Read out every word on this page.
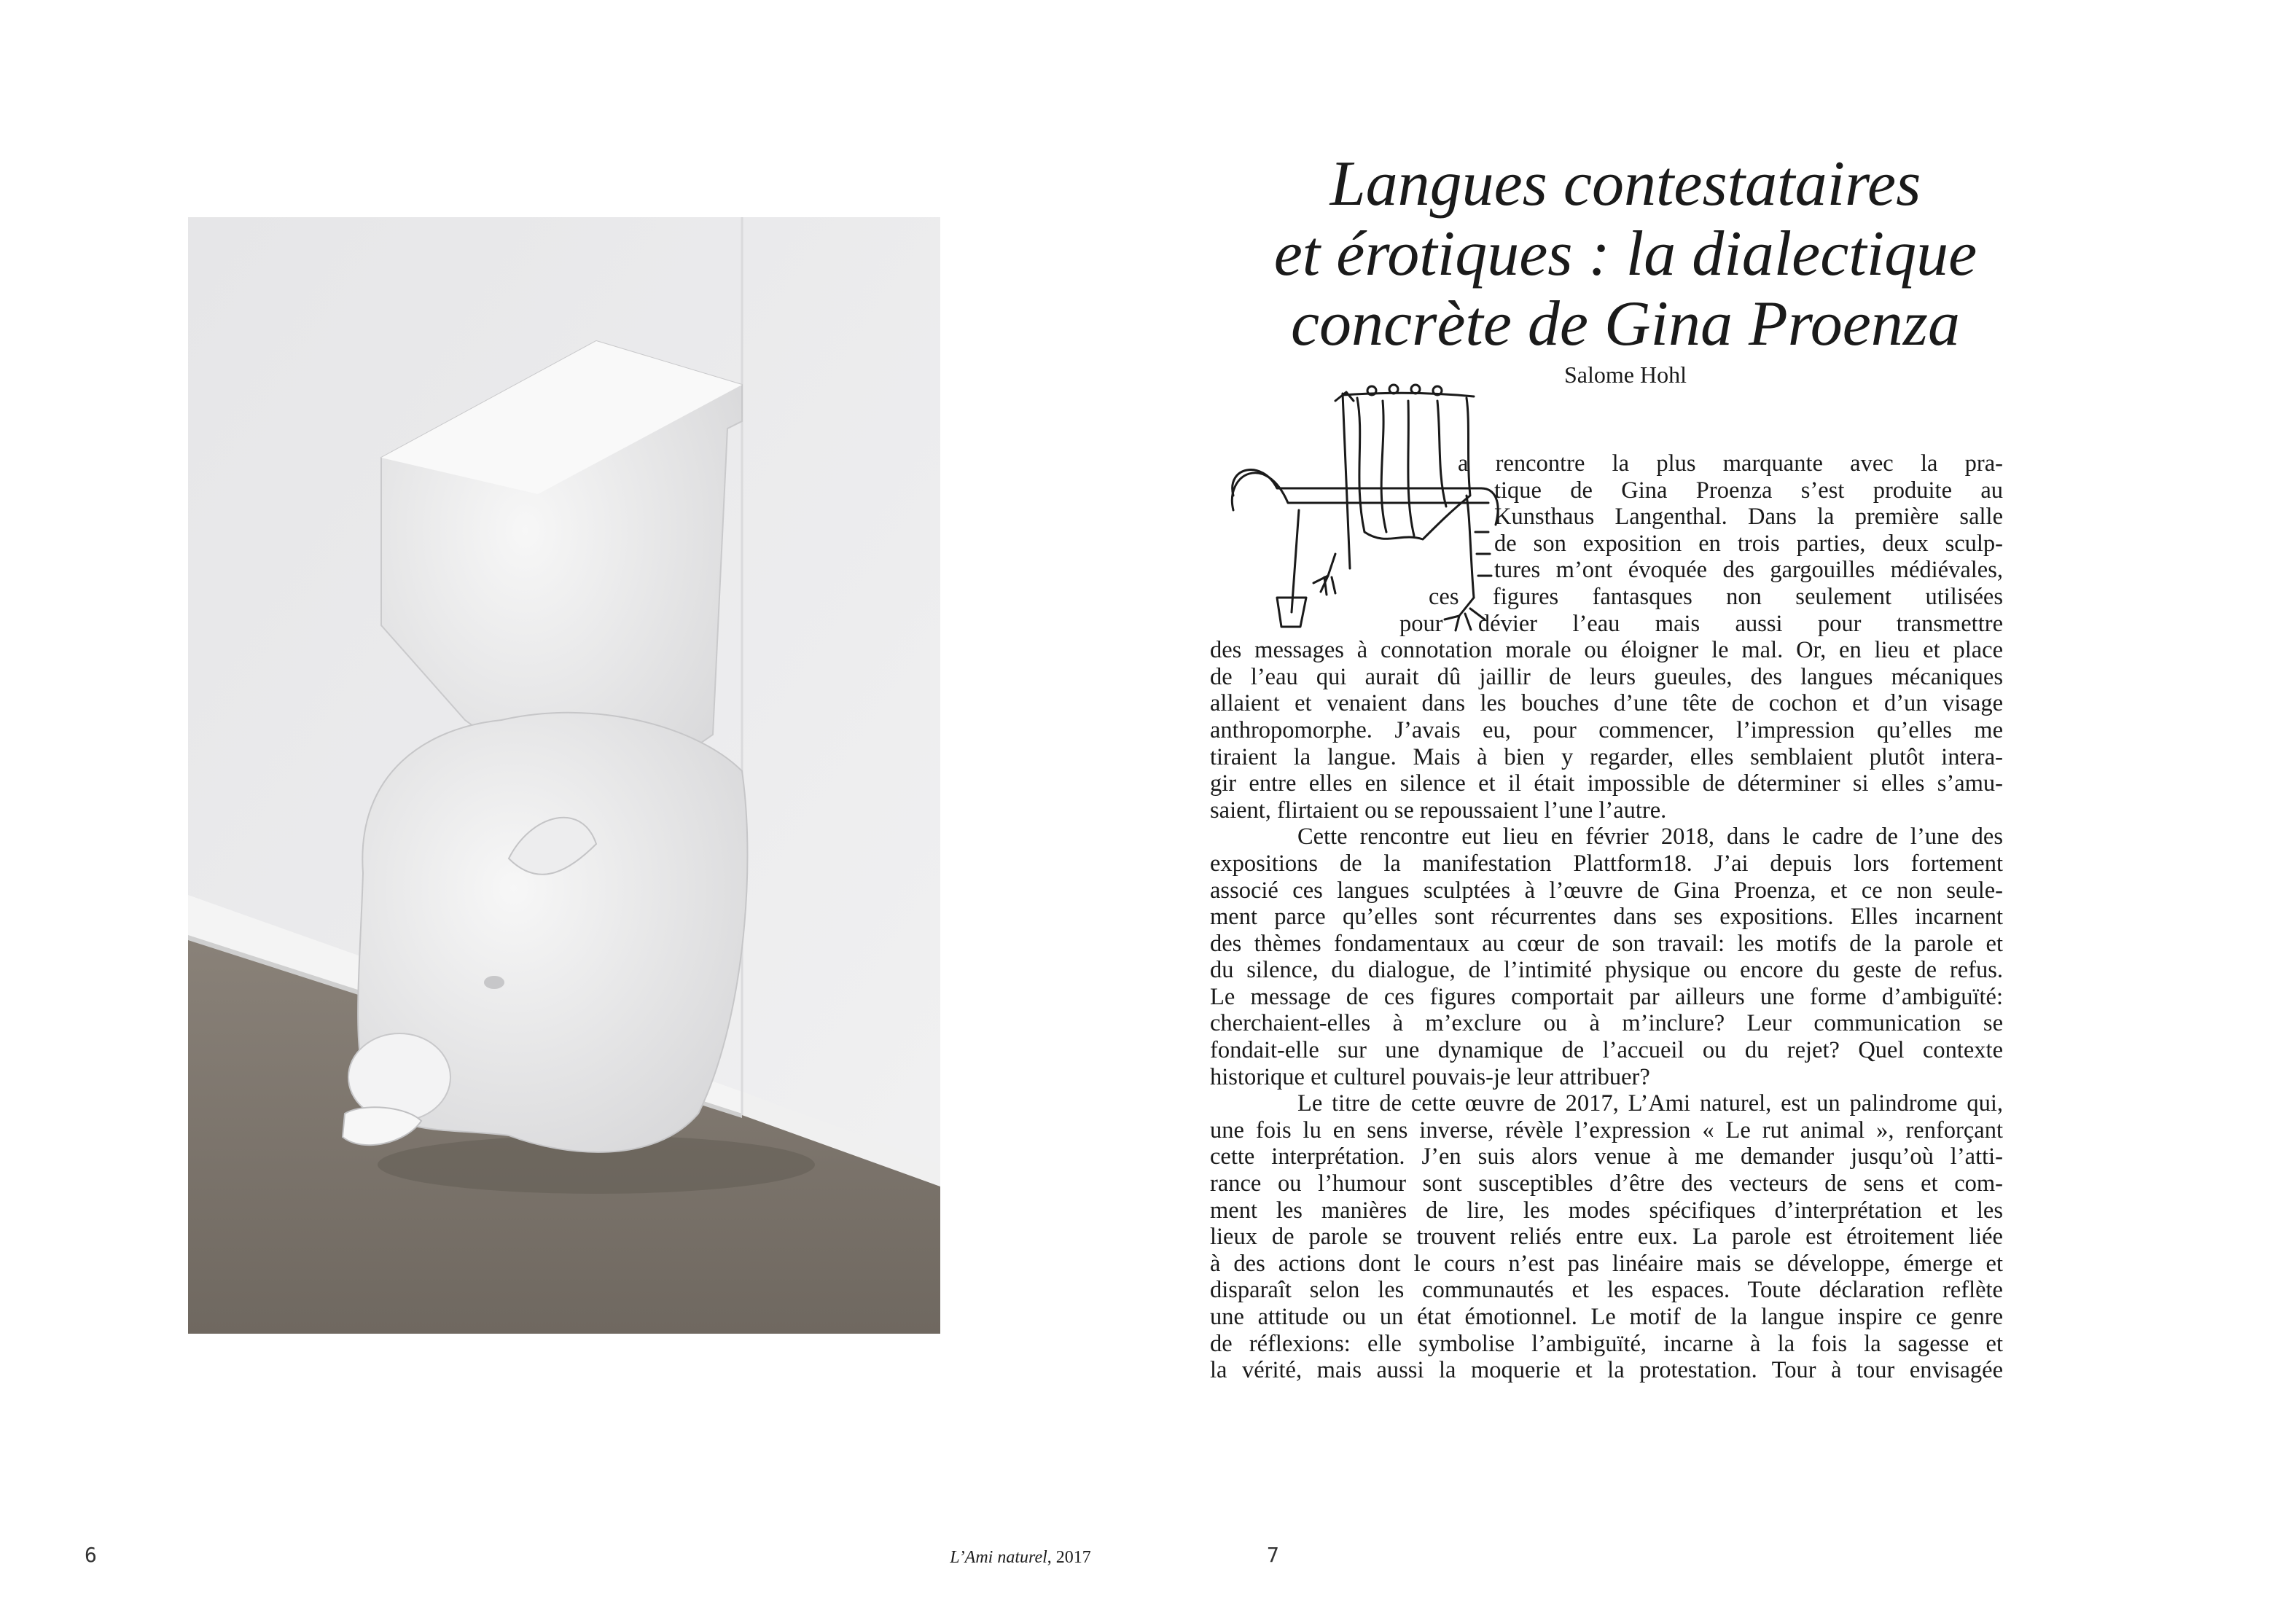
6	L’Ami naturel, 2017
Langues contestataires
et érotiques : la dialectique
concrète de Gina Proenza
Salome Hohl
a rencontre la plus marquante avec la pra-
tique de Gina Proenza s’est produite au
Kunsthaus Langenthal. Dans la première salle
de son exposition en trois parties, deux sculp-
tures m’ont évoquée des gargouilles médiévales,
ces figures fantasques non seulement utilisées
pour dévier l’eau mais aussi pour transmettre
des messages à connotation morale ou éloigner le mal. Or, en lieu et place
de l’eau qui aurait dû jaillir de leurs gueules, des langues mécaniques
allaient et venaient dans les bouches d’une tête de cochon et d’un visage
anthropomorphe. J’avais eu, pour commencer, l’impression qu’elles me
tiraient la langue. Mais à bien y regarder, elles semblaient plutôt intera-
gir entre elles en silence et il était impossible de déterminer si elles s’amu-
saient, flirtaient ou se repoussaient l’une l’autre.
Cette rencontre eut lieu en février 2018, dans le cadre de l’une des
expositions de la manifestation Plattform18. J’ai depuis lors fortement
associé ces langues sculptées à l’œuvre de Gina Proenza, et ce non seule-
ment parce qu’elles sont récurrentes dans ses expositions. Elles incarnent
des thèmes fondamentaux au cœur de son travail: les motifs de la parole et
du silence, du dialogue, de l’intimité physique ou encore du geste de refus.
Le message de ces figures comportait par ailleurs une forme d’ambiguïté:
cherchaient-elles à m’exclure ou à m’inclure? Leur communication se
fondait-elle sur une dynamique de l’accueil ou du rejet? Quel contexte
historique et culturel pouvais-je leur attribuer?
Le titre de cette œuvre de 2017, L’Ami naturel, est un palindrome qui,
une fois lu en sens inverse, révèle l’expression « Le rut animal », renforçant
cette interprétation. J’en suis alors venue à me demander jusqu’où l’attі-
rance ou l’humour sont susceptibles d’être des vecteurs de sens et com-
ment les manières de lire, les modes spécifiques d’interprétation et les
lieux de parole se trouvent reliés entre eux. La parole est étroitement liée
à des actions dont le cours n’est pas linéaire mais se développe, émerge et
disparaît selon les communautés et les espaces. Toute déclaration reflète
une attitude ou un état émotionnel. Le motif de la langue inspire ce genre
de réflexions: elle symbolise l’ambiguïté, incarne à la fois la sagesse et
la vérité, mais aussi la moquerie et la protestation. Tour à tour envisagée
7
